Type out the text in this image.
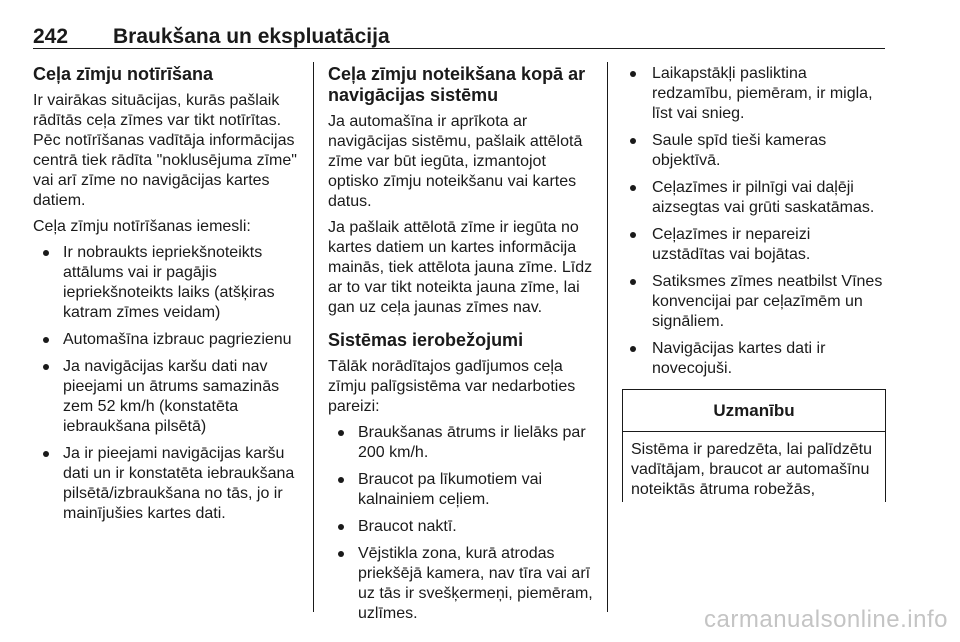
242 Braukšana un ekspluatācija
Ceļa zīmju notīrīšana

Ir vairākas situācijas, kurās pašlaik rādītās ceļa zīmes var tikt notīrītas. Pēc notīrīšanas vadītāja informācijas centrā tiek rādīta "noklusējuma zīme" vai arī zīme no navigācijas kartes datiem.

Ceļa zīmju notīrīšanas iemesli:

Ir nobraukts iepriekšnoteikts attālums vai ir pagājis iepriekšnoteikts laiks (atšķiras katram zīmes veidam)
Automašīna izbrauc pagriezienu
Ja navigācijas karšu dati nav pieejami un ātrums samazinās zem 52 km/h (konstatēta iebraukšana pilsētā)
Ja ir pieejami navigācijas karšu dati un ir konstatēta iebraukšana pilsētā/izbraukšana no tās, jo ir mainījušies kartes dati.
Ceļa zīmju noteikšana kopā ar navigācijas sistēmu

Ja automašīna ir aprīkota ar navigācijas sistēmu, pašlaik attēlotā zīme var būt iegūta, izmantojot optisko zīmju noteikšanu vai kartes datus.

Ja pašlaik attēlotā zīme ir iegūta no kartes datiem un kartes informācija mainās, tiek attēlota jauna zīme. Līdz ar to var tikt noteikta jauna zīme, lai gan uz ceļa jaunas zīmes nav.

Sistēmas ierobežojumi

Tālāk norādītajos gadījumos ceļa zīmju palīgsistēma var nedarboties pareizi:

Braukšanas ātrums ir lielāks par 200 km/h.
Braucot pa līkumotiem vai kalnainiem ceļiem.
Braucot naktī.
Vējstikla zona, kurā atrodas priekšējā kamera, nav tīra vai arī uz tās ir svešķermeņi, piemēram, uzlīmes.
Laikapstākļi pasliktina redzamību, piemēram, ir migla, līst vai snieg.
Saule spīd tieši kameras objektīvā.
Ceļazīmes ir pilnīgi vai daļēji aizsegtas vai grūti saskatāmas.
Ceļazīmes ir nepareizi uzstādītas vai bojātas.
Satiksmes zīmes neatbilst Vīnes konvencijai par ceļazīmēm un signāliem.
Navigācijas kartes dati ir novecojuši.
Uzmanību
Sistēma ir paredzēta, lai palīdzētu vadītājam, braucot ar automašīnu noteiktās ātruma robežās,
carmanualsonline.info
